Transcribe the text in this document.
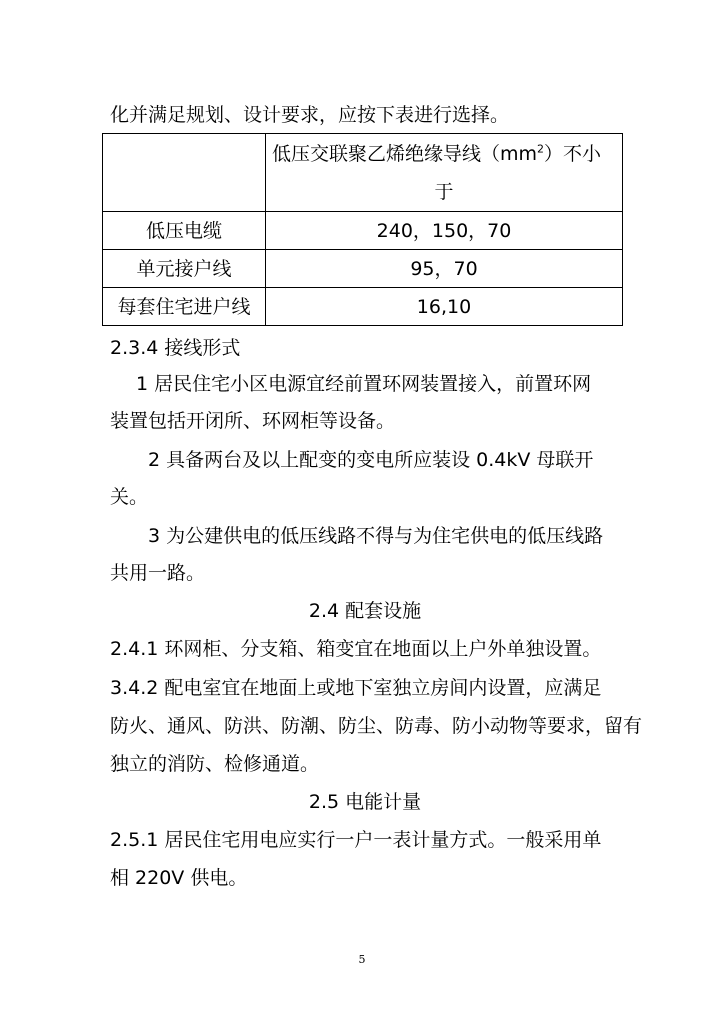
化并满足规划、设计要求，应按下表进行选择。

	低压交联聚乙烯绝缘导线$(mm^2)$不小
于

低压电缆	240，150，70
单元接户线	95，70
每套住宅进户线	16,10
2.3.4 接线形式
1 居民住宅小区电源宜经前置环网装置接入，前置环网
装置包括开闭所、环网柜等设备。
2 具备两台及以上配变的变电所应装设 0.4kV 母联开
关。
3 为公建供电的低压线路不得与为住宅供电的低压线路
共用一路。
2.4 配套设施
2.4.1 环网柜、分支箱、箱变宜在地面以上户外单独设置。
3.4.2 配电室宜在地面上或地下室独立房间内设置，应满足
防火、通风、防洪、防潮、防尘、防毒、防小动物等要求，留有
独立的消防、检修通道。
2.5 电能计量
2.5.1 居民住宅用电应实行一户一表计量方式。一般采用单
相 220V 供电。
5
